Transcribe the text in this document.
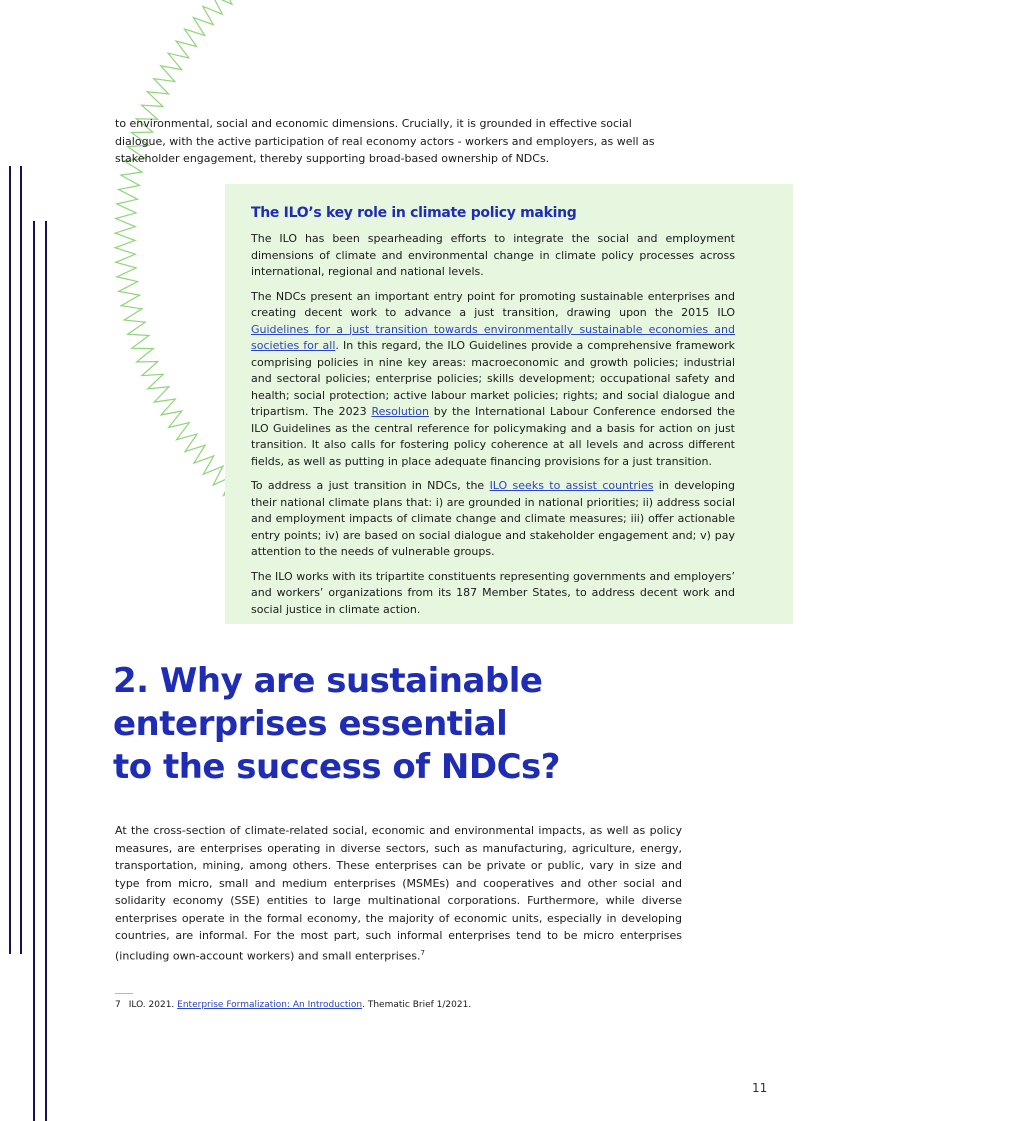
to environmental, social and economic dimensions. Crucially, it is grounded in effective social dialogue, with the active participation of real economy actors - workers and employers, as well as stakeholder engagement, thereby supporting broad-based ownership of NDCs.

Key role
The ILO’s key role in climate policy making

The ILO has been spearheading efforts to integrate the social and employment dimensions of climate and environmental change in climate policy processes across international, regional and national levels.

The NDCs present an important entry point for promoting sustainable enterprises and creating decent work to advance a just transition, drawing upon the 2015 ILO Guidelines for a just transition towards environmentally sustainable economies and societies for all. In this regard, the ILO Guidelines provide a comprehensive framework comprising policies in nine key areas: macroeconomic and growth policies; industrial and sectoral policies; enterprise policies; skills development; occupational safety and health; social protection; active labour market policies; rights; and social dialogue and tripartism. The 2023 Resolution by the International Labour Conference endorsed the ILO Guidelines as the central reference for policymaking and a basis for action on just transition. It also calls for fostering policy coherence at all levels and across different fields, as well as putting in place adequate financing provisions for a just transition.

To address a just transition in NDCs, the ILO seeks to assist countries in developing their national climate plans that: i) are grounded in national priorities; ii) address social and employment impacts of climate change and climate measures; iii) offer actionable entry points; iv) are based on social dialogue and stakeholder engagement and; v) pay attention to the needs of vulnerable groups.

The ILO works with its tripartite constituents representing governments and employers’ and workers’ organizations from its 187 Member States, to address decent work and social justice in climate action.

2. Why are sustainable
enterprises essential
to the success of NDCs?

At the cross-section of climate-related social, economic and environmental impacts, as well as policy measures, are enterprises operating in diverse sectors, such as manufacturing, agriculture, energy, transportation, mining, among others. These enterprises can be private or public, vary in size and type from micro, small and medium enterprises (MSMEs) and cooperatives and other social and solidarity economy (SSE) entities to large multinational corporations. Furthermore, while diverse enterprises operate in the formal economy, the majority of economic units, especially in developing countries, are informal. For the most part, such informal enterprises tend to be micro enterprises (including own-account workers) and small enterprises.$^7$

7 ILO. 2021. Enterprise Formalization: An Introduction. Thematic Brief 1/2021.

11
